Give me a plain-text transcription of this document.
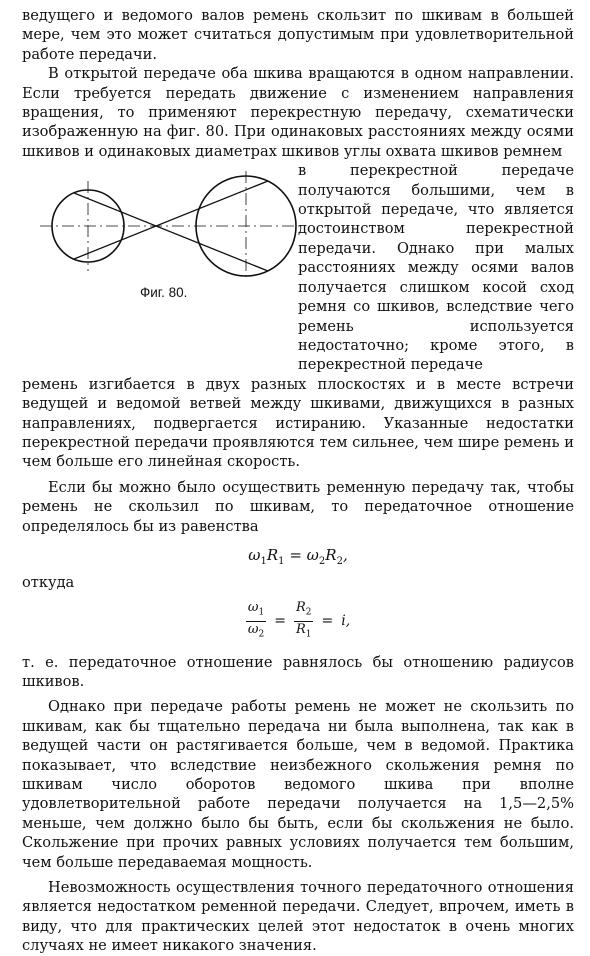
ведущего и ведомого валов ремень скользит по шкивам в большей мере, чем это может считаться допустимым при удовлетворительной работе передачи.

В открытой передаче оба шкива вращаются в одном направлении. Если требуется передать движение с изменением направления вращения, то применяют перекрестную передачу, схематически изображенную на фиг. 80. При одинаковых расстояниях между осями шкивов и одинаковых диаметрах шкивов углы охвата шкивов ремнем

в перекрестной передаче получаются большими, чем в открытой передаче, что является достоинством перекрестной передачи. Однако при малых расстояниях между осями валов получается слишком косой сход ремня со шкивов, вследствие чего ремень используется недостаточно; кроме этого, в перекрестной передаче

ремень изгибается в двух разных плоскостях и в месте встречи ведущей и ведомой ветвей между шкивами, движущихся в разных направлениях, подвергается истиранию. Указанные недостатки перекрестной передачи проявляются тем сильнее, чем шире ремень и чем больше его линейная скорость.

Если бы можно было осуществить ременную передачу так, чтобы ремень не скользил по шкивам, то передаточное отношение определялось бы из равенства

$\omega_1R_1 = \omega_2R_2$,

откуда

$\frac{\omega_1}{\omega_2} = \frac{R_2}{R_1} = i$,

т. е. передаточное отношение равнялось бы отношению радиусов шкивов.

Однако при передаче работы ремень не может не скользить по шкивам, как бы тщательно передача ни была выполнена, так как в ведущей части он растягивается больше, чем в ведомой. Практика показывает, что вследствие неизбежного скольжения ремня по шкивам число оборотов ведомого шкива при вполне удовлетворительной работе передачи получается на 1,5—2,5% меньше, чем должно было бы быть, если бы скольжения не было. Скольжение при прочих равных условиях получается тем большим, чем больше передаваемая мощность.

Невозможность осуществления точного передаточного отношения является недостатком ременной передачи. Следует, впрочем, иметь в виду, что для практических целей этот недостаток в очень многих случаях не имеет никакого значения.

Фиг. 80.
